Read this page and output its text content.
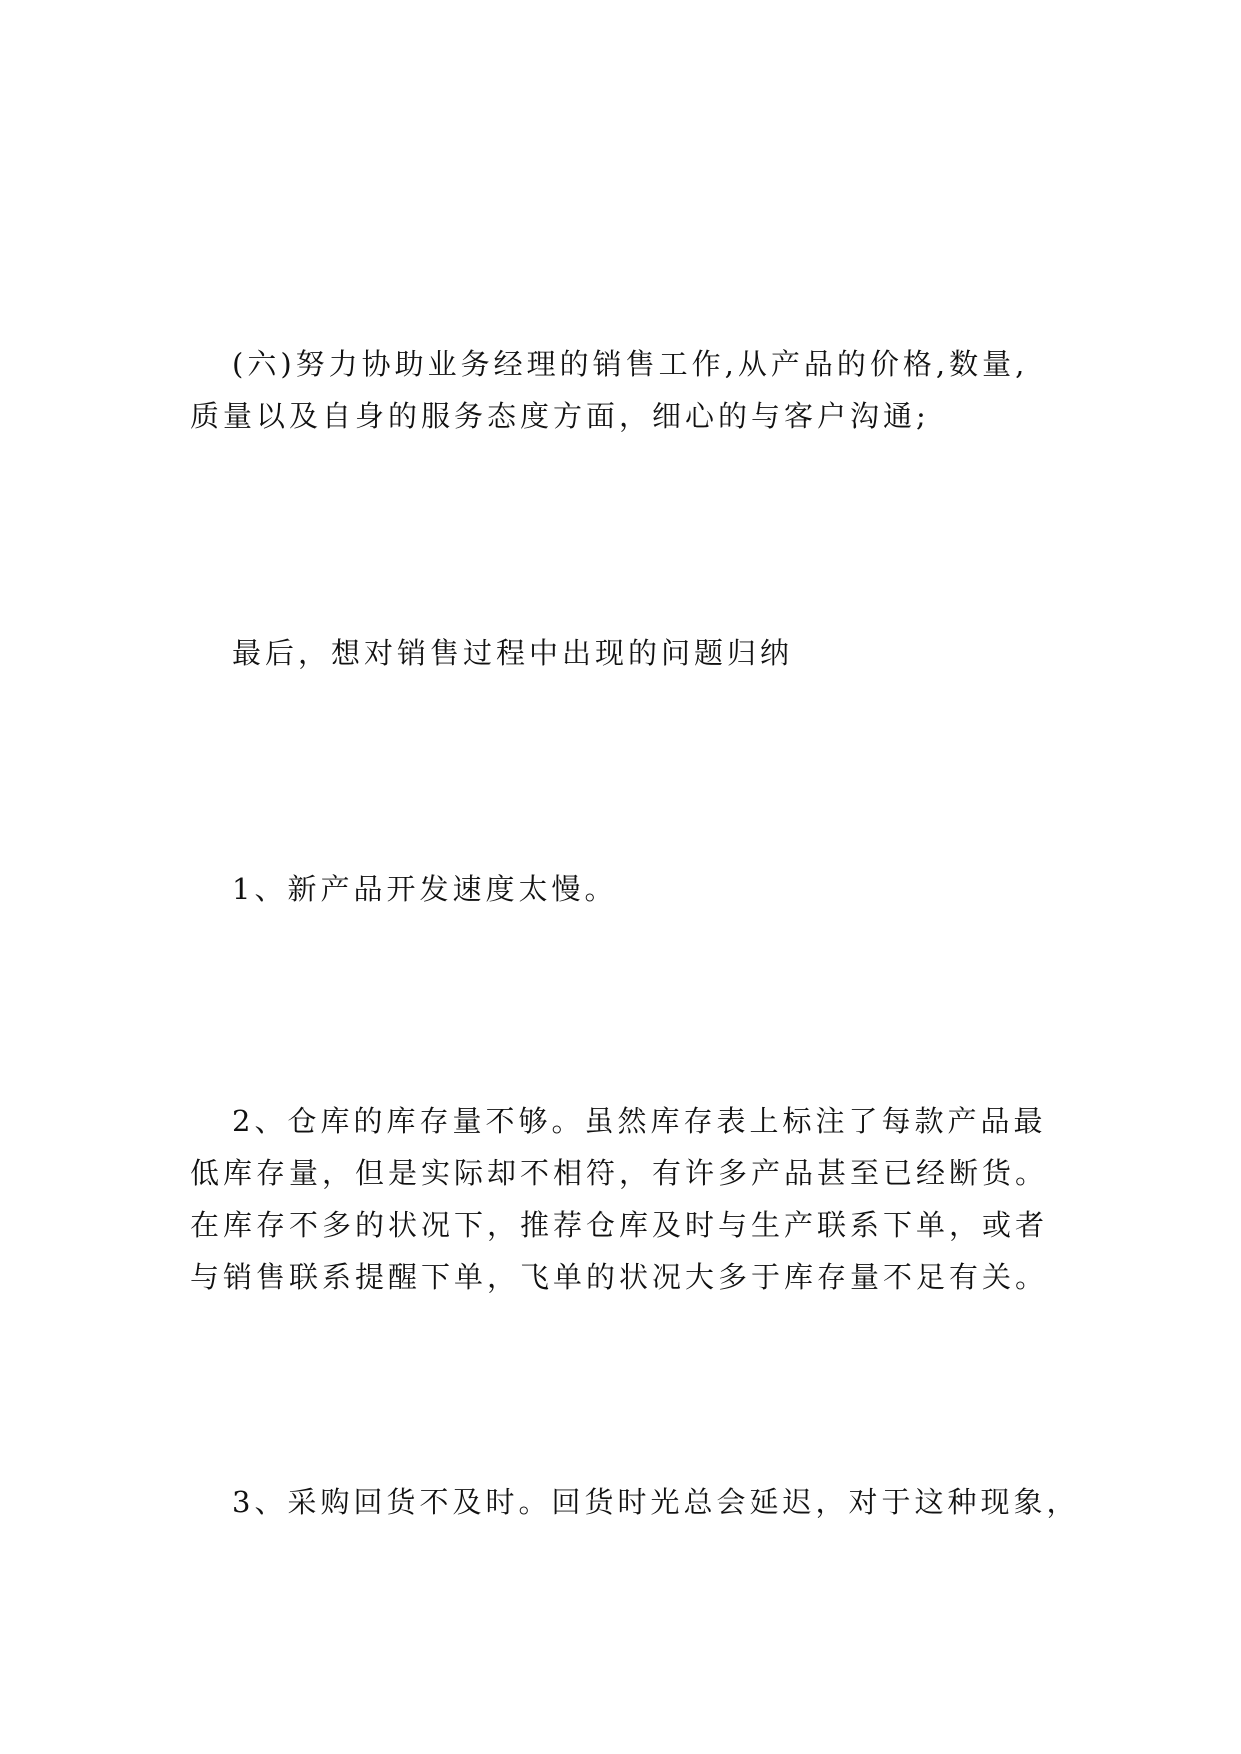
(六)努力协助业务经理的销售工作,从产品的价格,数量,
质量以及自身的服务态度方面，细心的与客户沟通;

最后，想对销售过程中出现的问题归纳

1、新产品开发速度太慢。

2、仓库的库存量不够。虽然库存表上标注了每款产品最
低库存量，但是实际却不相符，有许多产品甚至已经断货。
在库存不多的状况下，推荐仓库及时与生产联系下单，或者
与销售联系提醒下单，飞单的状况大多于库存量不足有关。

3、采购回货不及时。回货时光总会延迟，对于这种现象，
